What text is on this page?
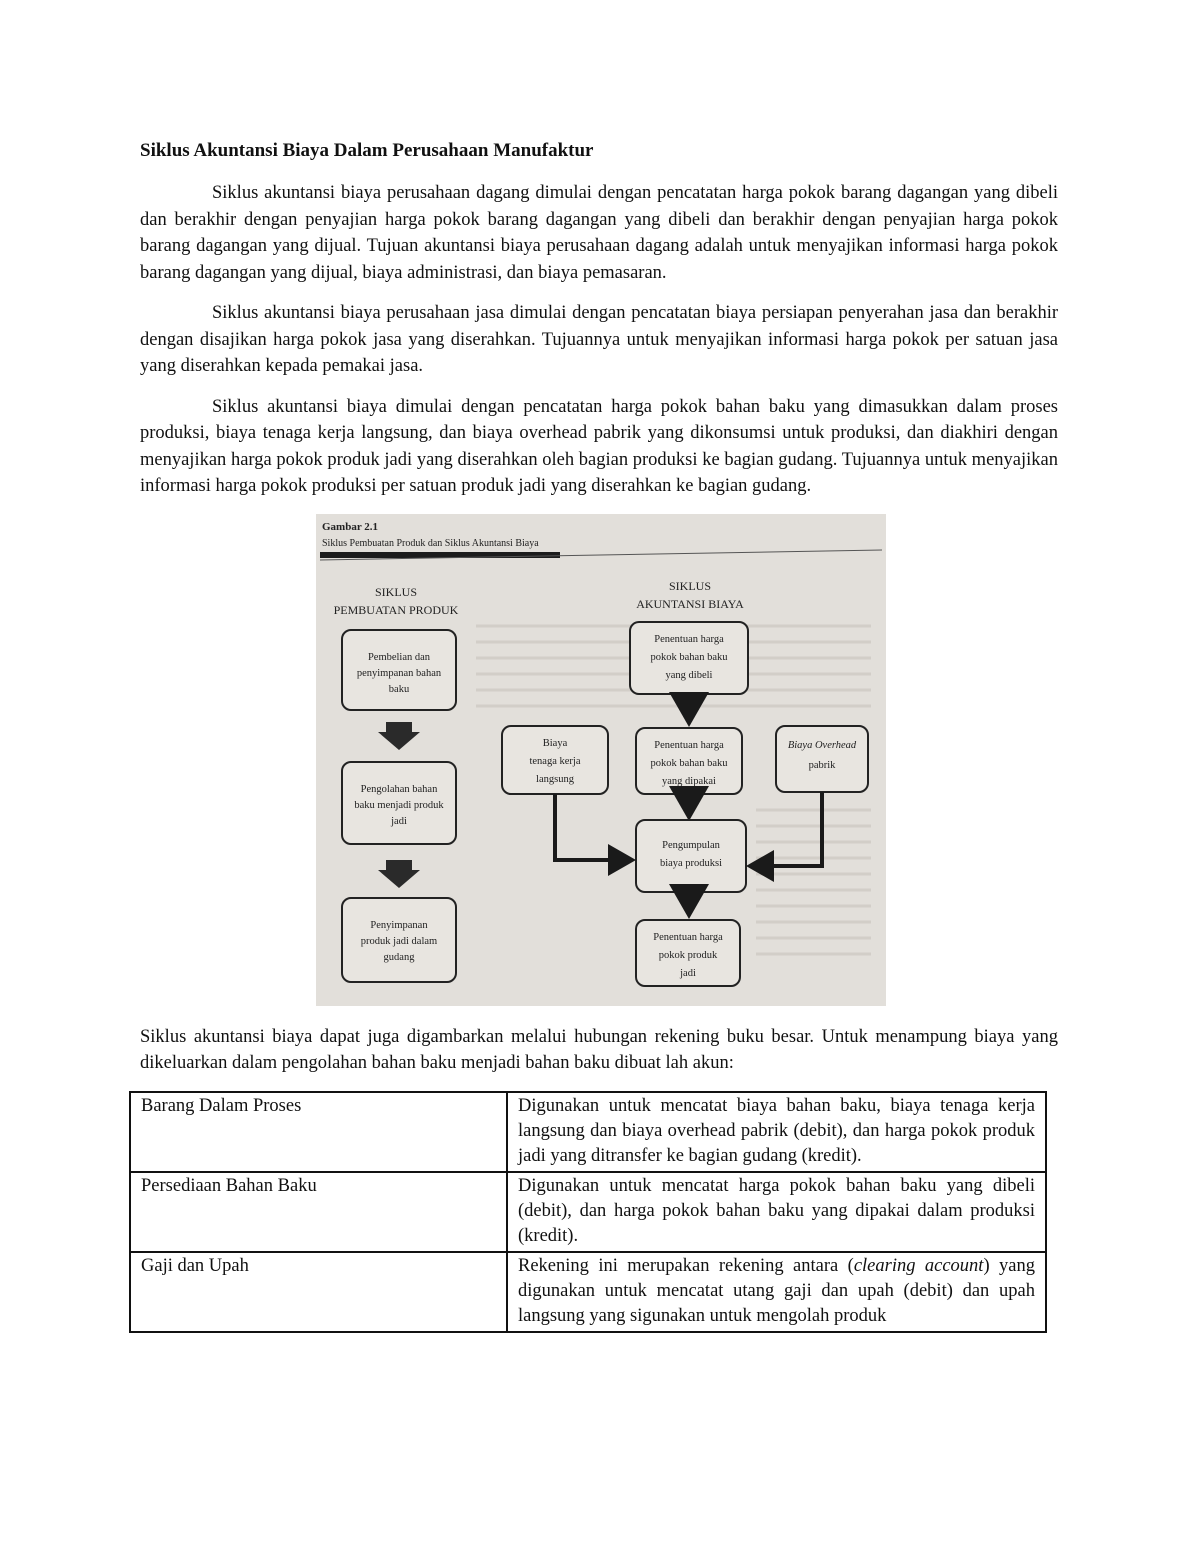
Siklus Akuntansi Biaya Dalam Perusahaan Manufaktur

Siklus akuntansi biaya perusahaan dagang dimulai dengan pencatatan harga pokok barang dagangan yang dibeli dan berakhir dengan penyajian harga pokok barang dagangan yang dibeli dan berakhir dengan penyajian harga pokok barang dagangan yang dijual. Tujuan akuntansi biaya perusahaan dagang adalah untuk menyajikan informasi harga pokok barang dagangan yang dijual, biaya administrasi, dan biaya pemasaran.

Siklus akuntansi biaya perusahaan jasa dimulai dengan pencatatan biaya persiapan penyerahan jasa dan berakhir dengan disajikan harga pokok jasa yang diserahkan. Tujuannya untuk menyajikan informasi harga pokok per satuan jasa yang diserahkan kepada pemakai jasa.

Siklus akuntansi biaya dimulai dengan pencatatan harga pokok bahan baku yang dimasukkan dalam proses produksi, biaya tenaga kerja langsung, dan biaya overhead pabrik yang dikonsumsi untuk produksi, dan diakhiri dengan menyajikan harga pokok produk jadi yang diserahkan oleh bagian produksi ke bagian gudang. Tujuannya untuk menyajikan informasi harga pokok produksi per satuan produk jadi yang diserahkan ke bagian gudang.

Gambar 2.1
Siklus Pembuatan Produk dan Siklus Akuntansi Biaya
SIKLUS
PEMBUATAN PRODUK
SIKLUS
AKUNTANSI BIAYA
Pembelian dan
penyimpanan bahan
baku
Pengolahan bahan
baku menjadi produk
jadi
Penyimpanan
produk jadi dalam
gudang
Penentuan harga
pokok bahan baku
yang dibeli
Penentuan harga
pokok bahan baku
yang dipakai
Pengumpulan
biaya produksi
Penentuan harga
pokok produk
jadi
Biaya
tenaga kerja
langsung
Biaya Overhead
pabrik

Siklus akuntansi biaya dapat juga digambarkan melalui hubungan rekening buku besar. Untuk menampung biaya yang dikeluarkan dalam pengolahan bahan baku menjadi bahan baku dibuat lah akun:

Barang Dalam Proses	Digunakan untuk mencatat biaya bahan baku, biaya tenaga kerja langsung dan biaya overhead pabrik (debit), dan harga pokok produk jadi yang ditransfer ke bagian gudang (kredit).
Persediaan Bahan Baku	Digunakan untuk mencatat harga pokok bahan baku yang dibeli (debit), dan harga pokok bahan baku yang dipakai dalam produksi (kredit).
Gaji dan Upah	Rekening ini merupakan rekening antara (clearing account) yang digunakan untuk mencatat utang gaji dan upah (debit) dan upah langsung yang sigunakan untuk mengolah produk
